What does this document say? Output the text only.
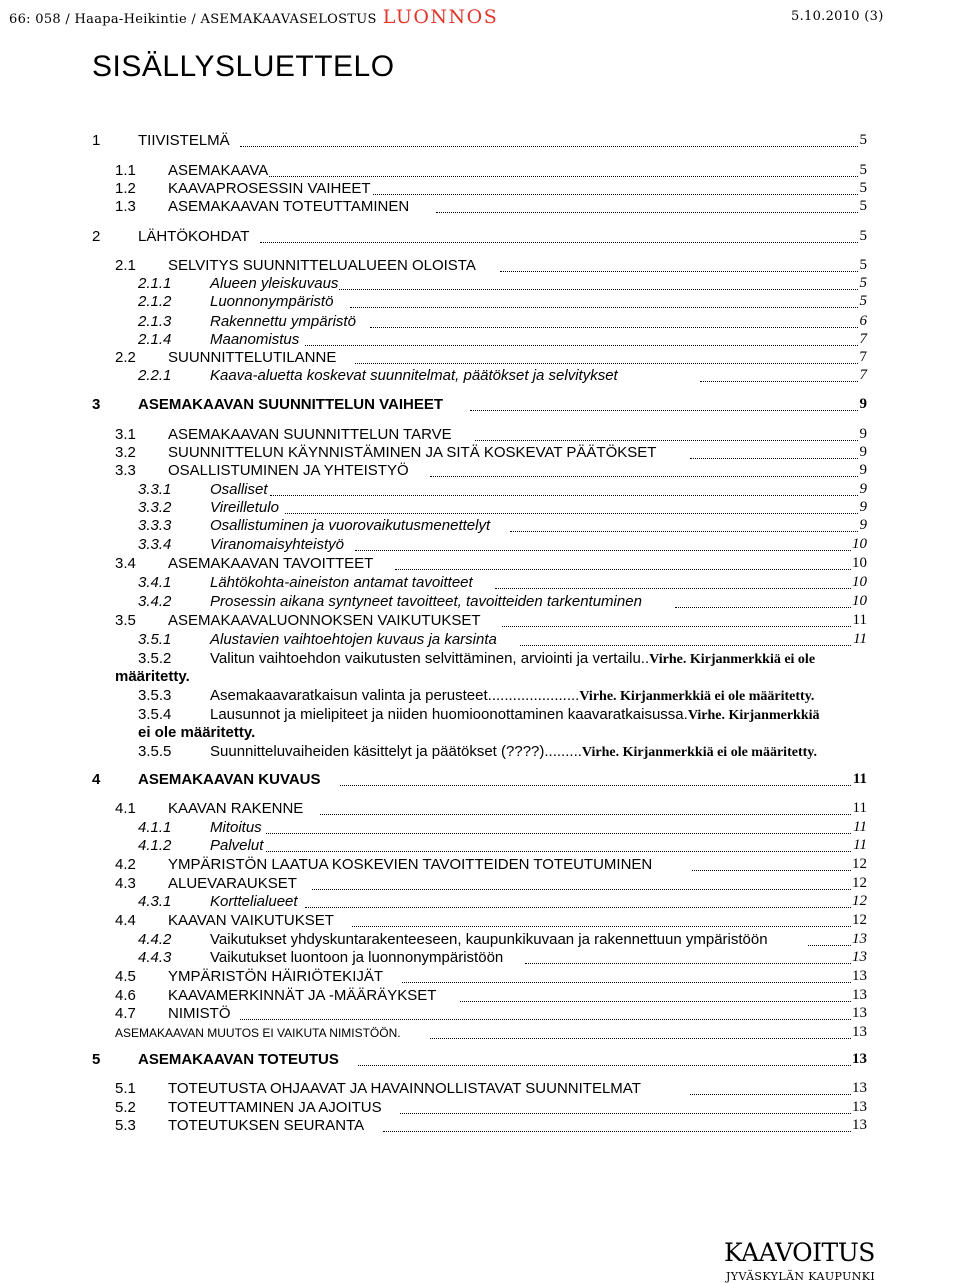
66: 058 / Haapa-Heikintie / ASEMAKAAVASELOSTUS LUONNOS	5.10.2010 (3)
SISÄLLYSLUETTELO
1	TIIVISTELMÄ	5
1.1 ASEMAKAAVA	5
1.2 KAAVAPROSESSIN VAIHEET	5
1.3 ASEMAKAAVAN TOTEUTTAMINEN	5
2	LÄHTÖKOHDAT	5
2.1 SELVITYS SUUNNITTELUALUEEN OLOISTA	5
2.1.1	Alueen yleiskuvaus	5
2.1.2	Luonnonympäristö	5
2.1.3	Rakennettu ympäristö	6
2.1.4	Maanomistus	7
2.2 SUUNNITTELUTILANNE	7
2.2.1	Kaava-aluetta koskevat suunnitelmat, päätökset ja selvitykset	7
3	ASEMAKAAVAN SUUNNITTELUN VAIHEET	9
3.1 ASEMAKAAVAN SUUNNITTELUN TARVE	9
3.2 SUUNNITTELUN KÄYNNISTÄMINEN JA SITÄ KOSKEVAT PÄÄTÖKSET	9
3.3 OSALLISTUMINEN JA YHTEISTYÖ	9
3.3.1	Osalliset	9
3.3.2	Vireilletulo	9
3.3.3	Osallistuminen ja vuorovaikutusmenettelyt	9
3.3.4	Viranomaisyhteistyö	10
3.4 ASEMAKAAVAN TAVOITTEET	10
3.4.1	Lähtökohta-aineiston antamat tavoitteet	10
3.4.2	Prosessin aikana syntyneet tavoitteet, tavoitteiden tarkentuminen	10
3.5 ASEMAKAAVALUONNOKSEN VAIKUTUKSET	11
3.5.1	Alustavien vaihtoehtojen kuvaus ja karsinta	11
3.5.2	Valitun vaihtoehdon vaikutusten selvittäminen, arviointi ja vertailu..Virhe. Kirjanmerkkiä ei ole
määritetty.
3.5.3	Asemakaavaratkaisun valinta ja perusteet......................Virhe. Kirjanmerkkiä ei ole määritetty.
3.5.4	Lausunnot ja mielipiteet ja niiden huomioonottaminen kaavaratkaisussa.Virhe. Kirjanmerkkiä
ei ole määritetty.
3.5.5	Suunnitteluvaiheiden käsittelyt ja päätökset (????).........Virhe. Kirjanmerkkiä ei ole määritetty.
4	ASEMAKAAVAN KUVAUS	11
4.1 KAAVAN RAKENNE	11
4.1.1	Mitoitus	11
4.1.2	Palvelut	11
4.2 YMPÄRISTÖN LAATUA KOSKEVIEN TAVOITTEIDEN TOTEUTUMINEN	12
4.3 ALUEVARAUKSET	12
4.3.1	Korttelialueet	12
4.4 KAAVAN VAIKUTUKSET	12
4.4.2	Vaikutukset yhdyskuntarakenteeseen, kaupunkikuvaan ja rakennettuun ympäristöön	13
4.4.3	Vaikutukset luontoon ja luonnonympäristöön	13
4.5 YMPÄRISTÖN HÄIRIÖTEKIJÄT	13
4.6 KAAVAMERKINNÄT JA -MÄÄRÄYKSET	13
4.7 NIMISTÖ	13
ASEMAKAAVAN MUUTOS EI VAIKUTA NIMISTÖÖN.	13
5	ASEMAKAAVAN TOTEUTUS	13
5.1 TOTEUTUSTA OHJAAVAT JA HAVAINNOLLISTAVAT SUUNNITELMAT	13
5.2 TOTEUTTAMINEN JA AJOITUS	13
5.3 TOTEUTUKSEN SEURANTA	13
KAAVOITUS
JYVÄSKYLÄN KAUPUNKI
